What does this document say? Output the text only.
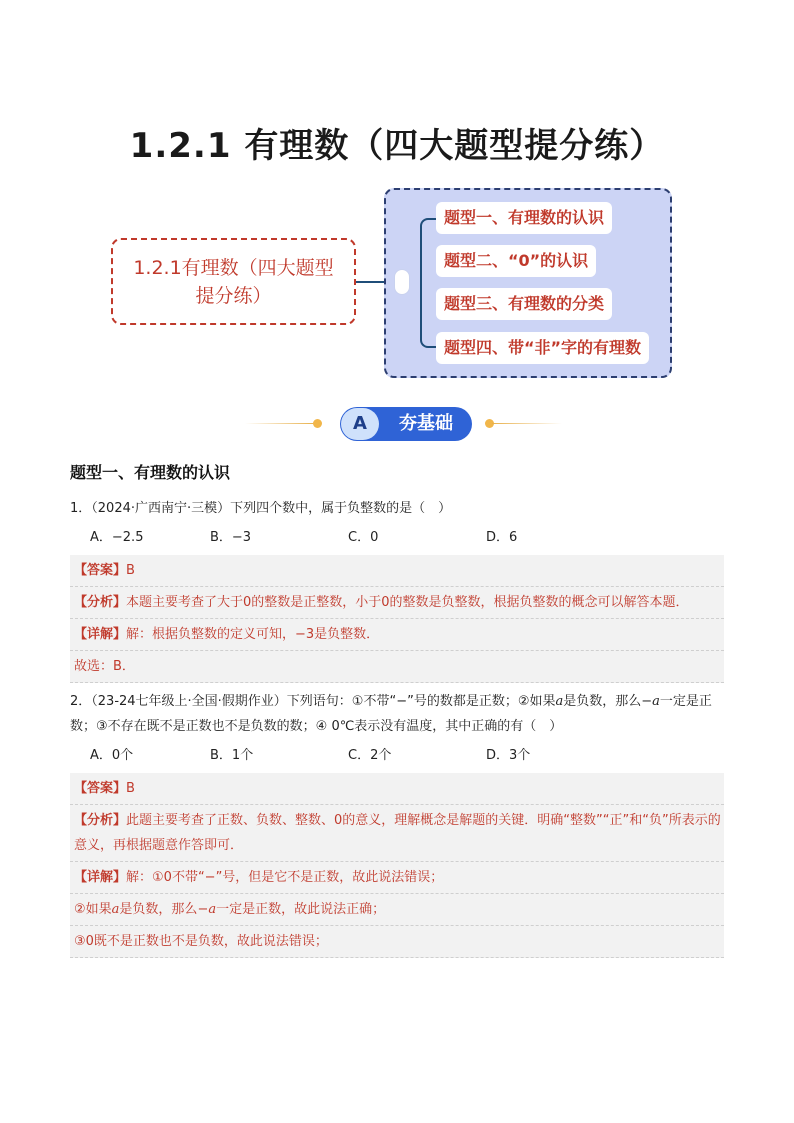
1.2.1 有理数（四大题型提分练）
1.2.1有理数（四大题型提分练）
题型一、有理数的认识
题型二、“0”的认识
题型三、有理数的分类
题型四、带“非”字的有理数
A	夯基础
题型一、有理数的认识
1．（2024·广西南宁·三模）下列四个数中，属于负整数的是（　）
A．−2.5	B．−3	C．0	D．6
【答案】B
【分析】本题主要考查了大于0的整数是正整数，小于0的整数是负整数，根据负整数的概念可以解答本题．
【详解】解：根据负整数的定义可知，−3是负整数．
故选：B．
2．（23-24七年级上·全国·假期作业）下列语句：①不带“−”号的数都是正数；②如果a是负数，那么−a一定是正数；③不存在既不是正数也不是负数的数；④ 0℃表示没有温度，其中正确的有（　）
A．0个	B．1个	C．2个	D．3个
【答案】B
【分析】此题主要考查了正数、负数、整数、0的意义，理解概念是解题的关键．明确“整数”“正”和“负”所表示的意义，再根据题意作答即可．
【详解】解：①0不带“−”号，但是它不是正数，故此说法错误；
②如果a是负数，那么−a一定是正数，故此说法正确；
③0既不是正数也不是负数，故此说法错误；
